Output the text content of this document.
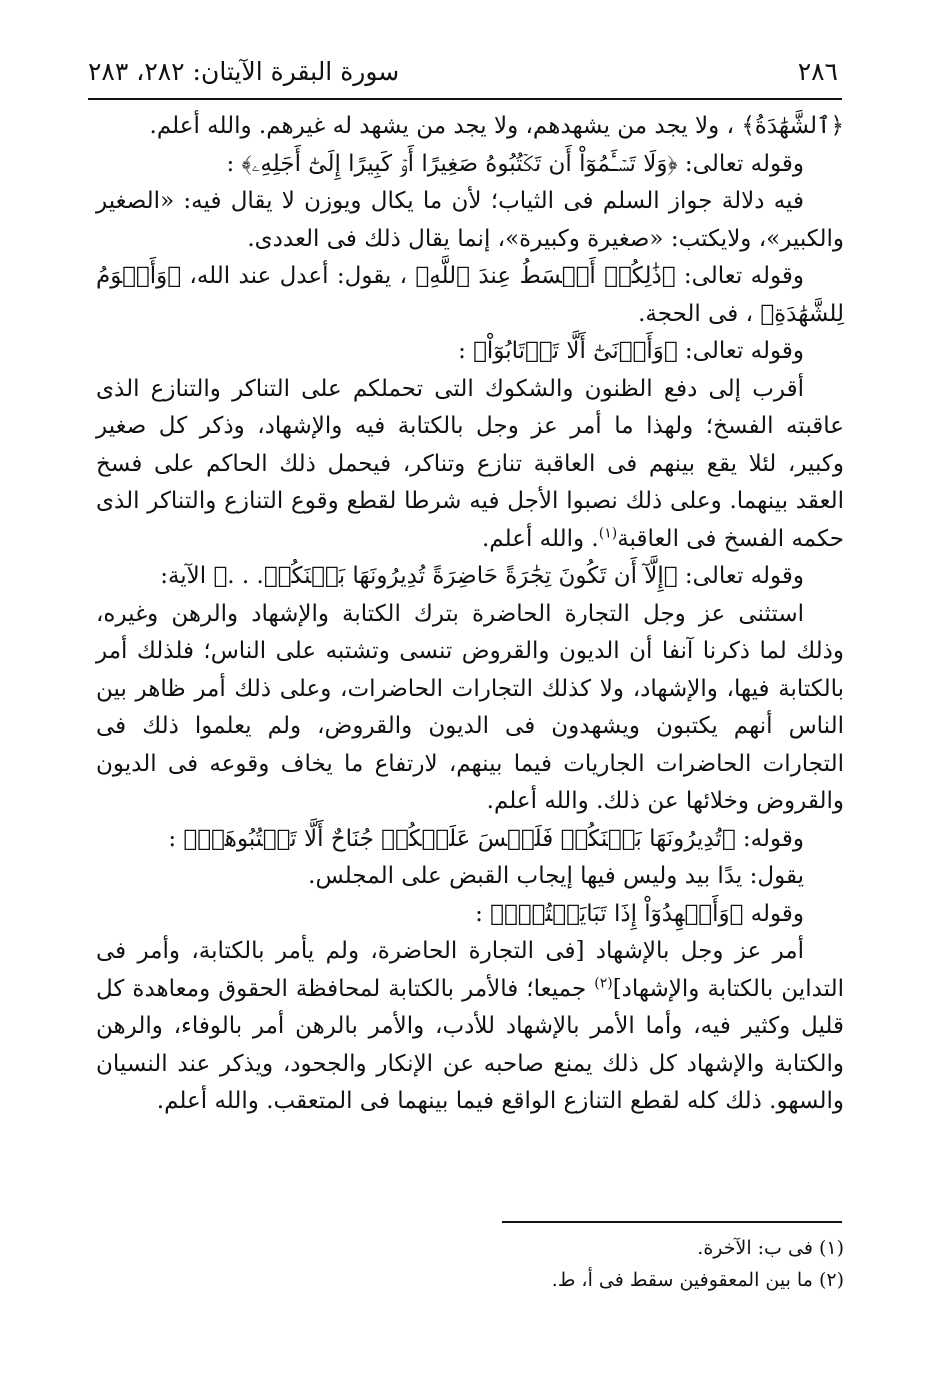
٢٨٦
سورة البقرة الآيتان: ٢٨٢، ٢٨٣

﴿ٱلشَّهَٰدَةُ﴾ ، ولا يجد من يشهدهم، ولا يجد من يشهد له غيرهم. والله أعلم.

وقوله تعالى: ﴿وَلَا تَسۡـَٔمُوٓاْ أَن تَكۡتُبُوهُ صَغِيرًا أَوۡ كَبِيرًا إِلَىٰٓ أَجَلِهِۦ﴾ :

فيه دلالة جواز السلم فى الثياب؛ لأن ما يكال ويوزن لا يقال فيه: «الصغير والكبير»، ولايكتب: «صغيرة وكبيرة»، إنما يقال ذلك فى العددى.

وقوله تعالى: ﴿ذَٰلِكُمۡ أَقۡسَطُ عِندَ ٱللَّهِ﴾ ، يقول: أعدل عند الله، ﴿وَأَقۡوَمُ لِلشَّهَٰدَةِ﴾ ، فى الحجة.

وقوله تعالى: ﴿وَأَدۡنَىٰٓ أَلَّا تَرۡتَابُوٓاْ﴾ :

أقرب إلى دفع الظنون والشكوك التى تحملكم على التناكر والتنازع الذى عاقبته الفسخ؛ ولهذا ما أمر عز وجل بالكتابة فيه والإشهاد، وذكر كل صغير وكبير، لئلا يقع بينهم فى العاقبة تنازع وتناكر، فيحمل ذلك الحاكم على فسخ العقد بينهما. وعلى ذلك نصبوا الأجل فيه شرطا لقطع وقوع التنازع والتناكر الذى حكمه الفسخ فى العاقبة$^{(١)}$. والله أعلم.

وقوله تعالى: ﴿إِلَّآ أَن تَكُونَ تِجَٰرَةً حَاضِرَةً تُدِيرُونَهَا بَيۡنَكُمۡ. . .﴾ الآية:

استثنى عز وجل التجارة الحاضرة بترك الكتابة والإشهاد والرهن وغيره، وذلك لما ذكرنا آنفا أن الديون والقروض تنسى وتشتبه على الناس؛ فلذلك أمر بالكتابة فيها، والإشهاد، ولا كذلك التجارات الحاضرات، وعلى ذلك أمر ظاهر بين الناس أنهم يكتبون ويشهدون فى الديون والقروض، ولم يعلموا ذلك فى التجارات الحاضرات الجاريات فيما بينهم، لارتفاع ما يخاف وقوعه فى الديون والقروض وخلائها عن ذلك. والله أعلم.

وقوله: ﴿تُدِيرُونَهَا بَيۡنَكُمۡ فَلَيۡسَ عَلَيۡكُمۡ جُنَاحٌ أَلَّا تَكۡتُبُوهَاۗ﴾ :

يقول: يدًا بيد وليس فيها إيجاب القبض على المجلس.

وقوله ﴿وَأَشۡهِدُوٓاْ إِذَا تَبَايَعۡتُمۡۚ﴾ :

أمر عز وجل بالإشهاد [فى التجارة الحاضرة، ولم يأمر بالكتابة، وأمر فى التداين بالكتابة والإشهاد]$^{(٢)}$ جميعا؛ فالأمر بالكتابة لمحافظة الحقوق ومعاهدة كل قليل وكثير فيه، وأما الأمر بالإشهاد للأدب، والأمر بالرهن أمر بالوفاء، والرهن والكتابة والإشهاد كل ذلك يمنع صاحبه عن الإنكار والجحود، ويذكر عند النسيان والسهو. ذلك كله لقطع التنازع الواقع فيما بينهما فى المتعقب. والله أعلم.

(١) فى ب: الآخرة.

(٢) ما بين المعقوفين سقط فى أ، ط.
